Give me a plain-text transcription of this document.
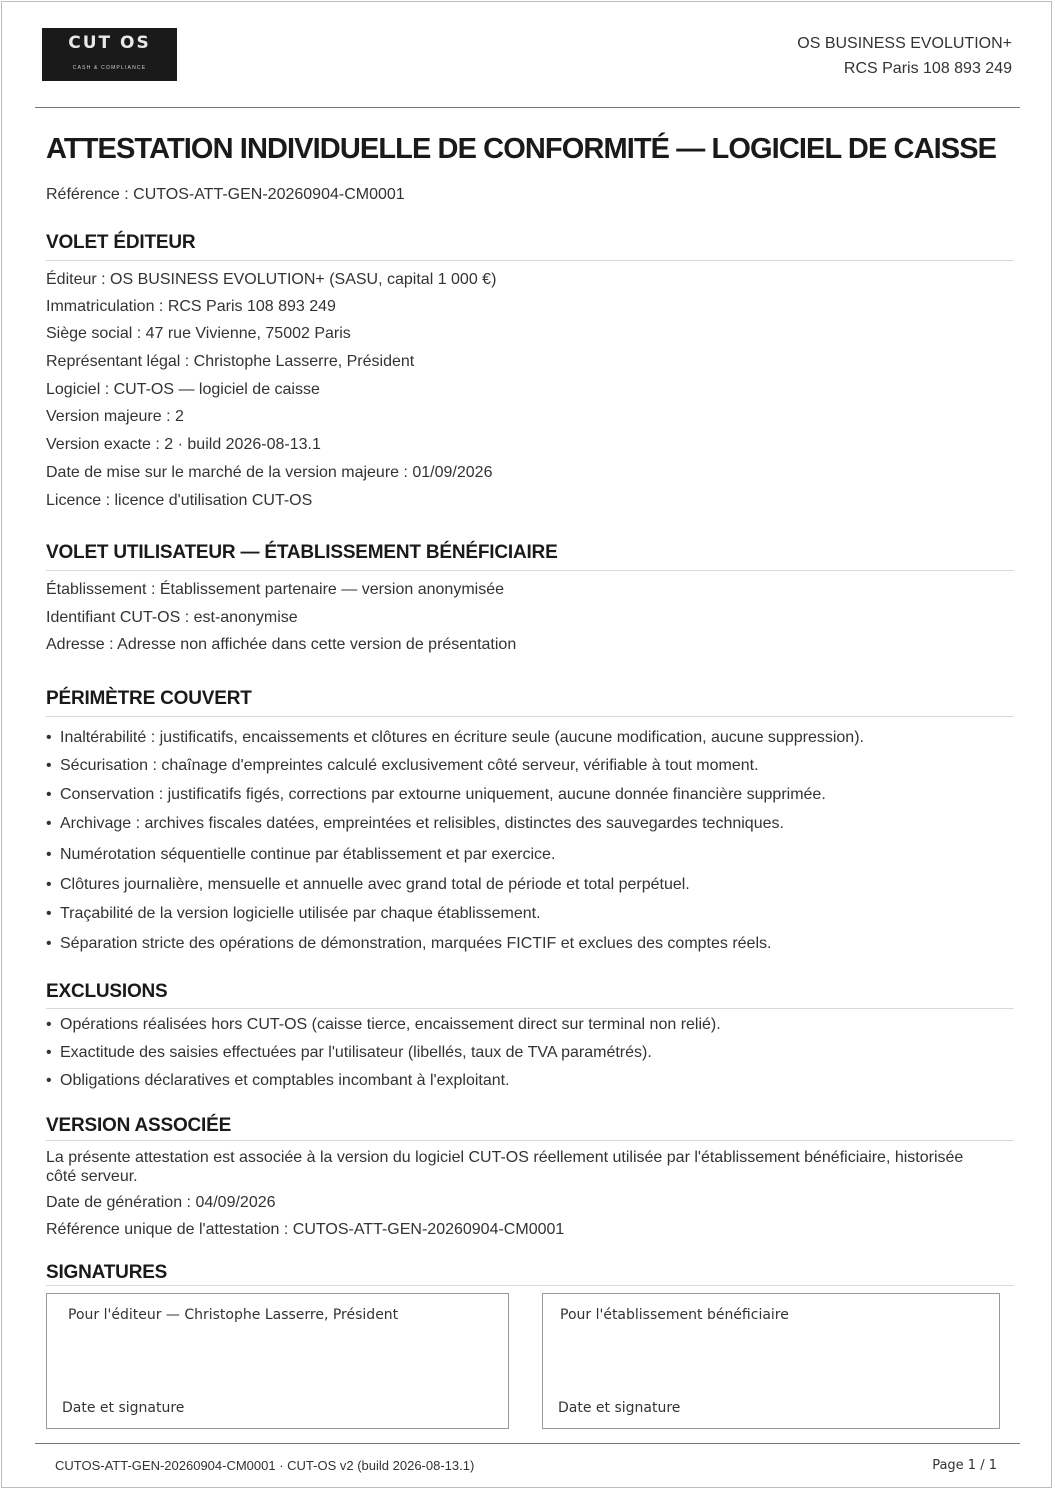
CUT OS
CASH & COMPLIANCE
OS BUSINESS EVOLUTION+
RCS Paris 108 893 249
ATTESTATION INDIVIDUELLE DE CONFORMITÉ — LOGICIEL DE CAISSE
Référence : CUTOS-ATT-GEN-20260904-CM0001
VOLET ÉDITEUR
Éditeur : OS BUSINESS EVOLUTION+ (SASU, capital 1 000 €)
Immatriculation : RCS Paris 108 893 249
Siège social : 47 rue Vivienne, 75002 Paris
Représentant légal : Christophe Lasserre, Président
Logiciel : CUT-OS — logiciel de caisse
Version majeure : 2
Version exacte : 2 · build 2026-08-13.1
Date de mise sur le marché de la version majeure : 01/09/2026
Licence : licence d'utilisation CUT-OS
VOLET UTILISATEUR — ÉTABLISSEMENT BÉNÉFICIAIRE
Établissement : Établissement partenaire — version anonymisée
Identifiant CUT-OS : est-anonymise
Adresse : Adresse non affichée dans cette version de présentation
PÉRIMÈTRE COUVERT
• Inaltérabilité : justificatifs, encaissements et clôtures en écriture seule (aucune modification, aucune suppression).
• Sécurisation : chaînage d'empreintes calculé exclusivement côté serveur, vérifiable à tout moment.
• Conservation : justificatifs figés, corrections par extourne uniquement, aucune donnée financière supprimée.
• Archivage : archives fiscales datées, empreintées et relisibles, distinctes des sauvegardes techniques.
• Numérotation séquentielle continue par établissement et par exercice.
• Clôtures journalière, mensuelle et annuelle avec grand total de période et total perpétuel.
• Traçabilité de la version logicielle utilisée par chaque établissement.
• Séparation stricte des opérations de démonstration, marquées FICTIF et exclues des comptes réels.
EXCLUSIONS
• Opérations réalisées hors CUT-OS (caisse tierce, encaissement direct sur terminal non relié).
• Exactitude des saisies effectuées par l'utilisateur (libellés, taux de TVA paramétrés).
• Obligations déclaratives et comptables incombant à l'exploitant.
VERSION ASSOCIÉE
La présente attestation est associée à la version du logiciel CUT-OS réellement utilisée par l'établissement bénéficiaire, historisée côté serveur.
Date de génération : 04/09/2026
Référence unique de l'attestation : CUTOS-ATT-GEN-20260904-CM0001
SIGNATURES
Pour l'éditeur — Christophe Lasserre, Président
Date et signature
Pour l'établissement bénéficiaire
Date et signature
CUTOS-ATT-GEN-20260904-CM0001 · CUT-OS v2 (build 2026-08-13.1)	Page 1 / 1
